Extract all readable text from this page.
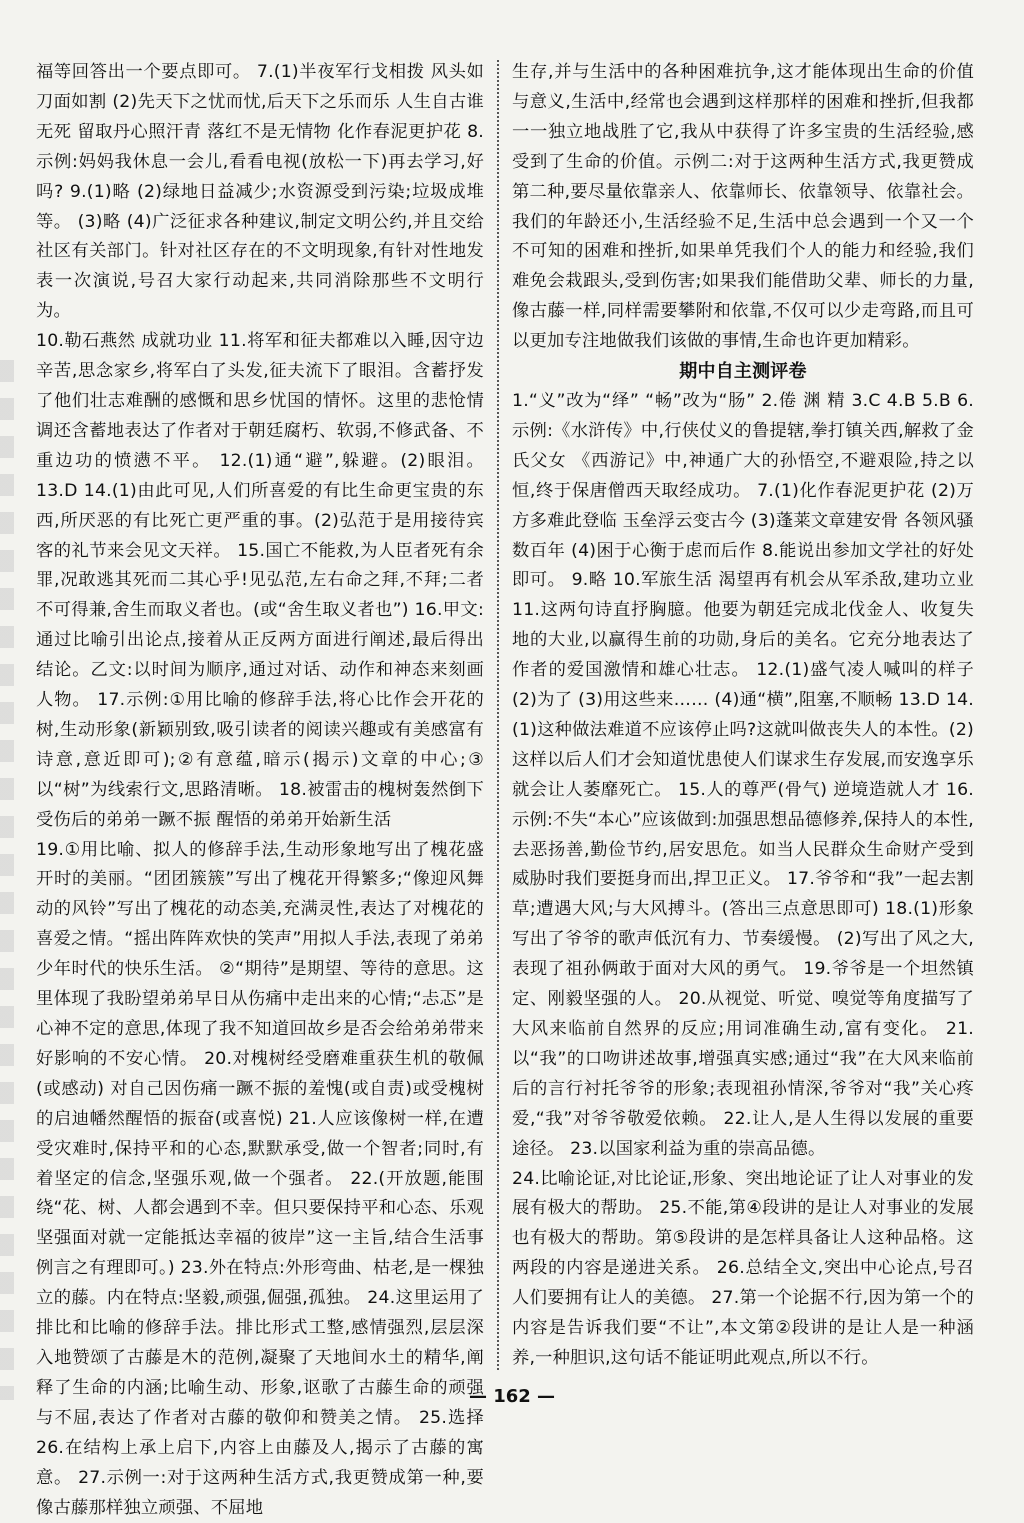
福等回答出一个要点即可。 7.(1)半夜军行戈相拨 风头如刀面如割 (2)先天下之忧而忧,后天下之乐而乐 人生自古谁无死 留取丹心照汗青 落红不是无情物 化作春泥更护花 8.示例:妈妈我休息一会儿,看看电视(放松一下)再去学习,好吗? 9.(1)略 (2)绿地日益减少;水资源受到污染;垃圾成堆等。 (3)略 (4)广泛征求各种建议,制定文明公约,并且交给社区有关部门。针对社区存在的不文明现象,有针对性地发表一次演说,号召大家行动起来,共同消除那些不文明行为。

10.勒石燕然 成就功业 11.将军和征夫都难以入睡,因守边辛苦,思念家乡,将军白了头发,征夫流下了眼泪。含蓄抒发了他们壮志难酬的感慨和思乡忧国的情怀。这里的悲怆情调还含蓄地表达了作者对于朝廷腐朽、软弱,不修武备、不重边功的愤懑不平。 12.(1)通“避”,躲避。(2)眼泪。 13.D 14.(1)由此可见,人们所喜爱的有比生命更宝贵的东西,所厌恶的有比死亡更严重的事。(2)弘范于是用接待宾客的礼节来会见文天祥。 15.国亡不能救,为人臣者死有余罪,况敢逃其死而二其心乎!见弘范,左右命之拜,不拜;二者不可得兼,舍生而取义者也。(或“舍生取义者也”) 16.甲文:通过比喻引出论点,接着从正反两方面进行阐述,最后得出结论。乙文:以时间为顺序,通过对话、动作和神态来刻画人物。 17.示例:①用比喻的修辞手法,将心比作会开花的树,生动形象(新颖别致,吸引读者的阅读兴趣或有美感富有诗意,意近即可);②有意蕴,暗示(揭示)文章的中心;③以“树”为线索行文,思路清晰。 18.被雷击的槐树轰然倒下 受伤后的弟弟一蹶不振 醒悟的弟弟开始新生活

19.①用比喻、拟人的修辞手法,生动形象地写出了槐花盛开时的美丽。“团团簇簇”写出了槐花开得繁多;“像迎风舞动的风铃”写出了槐花的动态美,充满灵性,表达了对槐花的喜爱之情。“摇出阵阵欢快的笑声”用拟人手法,表现了弟弟少年时代的快乐生活。 ②“期待”是期望、等待的意思。这里体现了我盼望弟弟早日从伤痛中走出来的心情;“忐忑”是心神不定的意思,体现了我不知道回故乡是否会给弟弟带来好影响的不安心情。 20.对槐树经受磨难重获生机的敬佩(或感动) 对自己因伤痛一蹶不振的羞愧(或自责)或受槐树的启迪幡然醒悟的振奋(或喜悦) 21.人应该像树一样,在遭受灾难时,保持平和的心态,默默承受,做一个智者;同时,有着坚定的信念,坚强乐观,做一个强者。 22.(开放题,能围绕“花、树、人都会遇到不幸。但只要保持平和心态、乐观坚强面对就一定能抵达幸福的彼岸”这一主旨,结合生活事例言之有理即可。) 23.外在特点:外形弯曲、枯老,是一棵独立的藤。内在特点:坚毅,顽强,倔强,孤独。 24.这里运用了排比和比喻的修辞手法。排比形式工整,感情强烈,层层深入地赞颂了古藤是木的范例,凝聚了天地间水土的精华,阐释了生命的内涵;比喻生动、形象,讴歌了古藤生命的顽强与不屈,表达了作者对古藤的敬仰和赞美之情。 25.选择 26.在结构上承上启下,内容上由藤及人,揭示了古藤的寓意。 27.示例一:对于这两种生活方式,我更赞成第一种,要像古藤那样独立顽强、不屈地

生存,并与生活中的各种困难抗争,这才能体现出生命的价值与意义,生活中,经常也会遇到这样那样的困难和挫折,但我都一一独立地战胜了它,我从中获得了许多宝贵的生活经验,感受到了生命的价值。示例二:对于这两种生活方式,我更赞成第二种,要尽量依靠亲人、依靠师长、依靠领导、依靠社会。我们的年龄还小,生活经验不足,生活中总会遇到一个又一个不可知的困难和挫折,如果单凭我们个人的能力和经验,我们难免会栽跟头,受到伤害;如果我们能借助父辈、师长的力量,像古藤一样,同样需要攀附和依靠,不仅可以少走弯路,而且可以更加专注地做我们该做的事情,生命也许更加精彩。

期中自主测评卷

1.“义”改为“绎” “畅”改为“肠” 2.倦 渊 精 3.C 4.B 5.B 6.示例:《水浒传》中,行侠仗义的鲁提辖,拳打镇关西,解救了金氏父女 《西游记》中,神通广大的孙悟空,不避艰险,持之以恒,终于保唐僧西天取经成功。 7.(1)化作春泥更护花 (2)万方多难此登临 玉垒浮云变古今 (3)蓬莱文章建安骨 各领风骚数百年 (4)困于心衡于虑而后作 8.能说出参加文学社的好处即可。 9.略 10.军旅生活 渴望再有机会从军杀敌,建功立业 11.这两句诗直抒胸臆。他要为朝廷完成北伐金人、收复失地的大业,以赢得生前的功勋,身后的美名。它充分地表达了作者的爱国激情和雄心壮志。 12.(1)盛气凌人喊叫的样子 (2)为了 (3)用这些来…… (4)通“横”,阻塞,不顺畅 13.D 14.(1)这种做法难道不应该停止吗?这就叫做丧失人的本性。(2)这样以后人们才会知道忧患使人们谋求生存发展,而安逸享乐就会让人萎靡死亡。 15.人的尊严(骨气) 逆境造就人才 16.示例:不失“本心”应该做到:加强思想品德修养,保持人的本性,去恶扬善,勤俭节约,居安思危。如当人民群众生命财产受到威胁时我们要挺身而出,捍卫正义。 17.爷爷和“我”一起去割草;遭遇大风;与大风搏斗。(答出三点意思即可) 18.(1)形象写出了爷爷的歌声低沉有力、节奏缓慢。 (2)写出了风之大,表现了祖孙俩敢于面对大风的勇气。 19.爷爷是一个坦然镇定、刚毅坚强的人。 20.从视觉、听觉、嗅觉等角度描写了大风来临前自然界的反应;用词准确生动,富有变化。 21.以“我”的口吻讲述故事,增强真实感;通过“我”在大风来临前后的言行衬托爷爷的形象;表现祖孙情深,爷爷对“我”关心疼爱,“我”对爷爷敬爱依赖。 22.让人,是人生得以发展的重要途径。 23.以国家利益为重的崇高品德。

24.比喻论证,对比论证,形象、突出地论证了让人对事业的发展有极大的帮助。 25.不能,第④段讲的是让人对事业的发展也有极大的帮助。第⑤段讲的是怎样具备让人这种品格。这两段的内容是递进关系。 26.总结全文,突出中心论点,号召人们要拥有让人的美德。 27.第一个论据不行,因为第一个的内容是告诉我们要“不让”,本文第②段讲的是让人是一种涵养,一种胆识,这句话不能证明此观点,所以不行。

— 162 —
